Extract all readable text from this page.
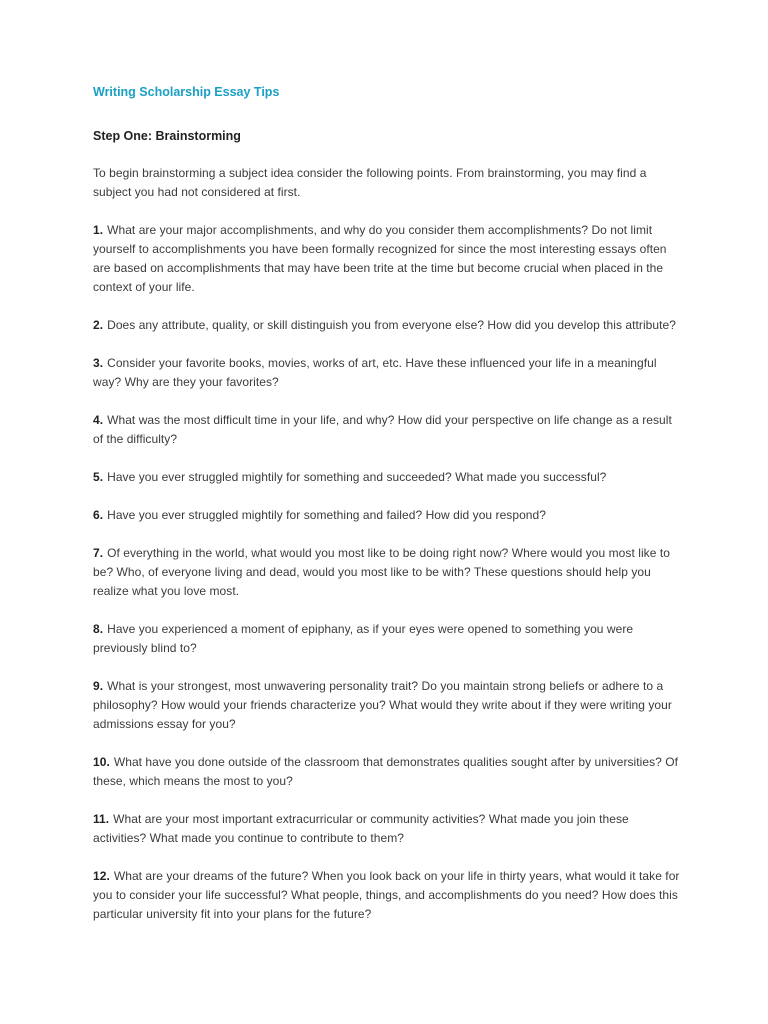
Writing Scholarship Essay Tips
Step One: Brainstorming

To begin brainstorming a subject idea consider the following points. From brainstorming, you may find a subject you had not considered at first.

1. What are your major accomplishments, and why do you consider them accomplishments? Do not limit yourself to accomplishments you have been formally recognized for since the most interesting essays often are based on accomplishments that may have been trite at the time but become crucial when placed in the context of your life.

2. Does any attribute, quality, or skill distinguish you from everyone else? How did you develop this attribute?

3. Consider your favorite books, movies, works of art, etc. Have these influenced your life in a meaningful way? Why are they your favorites?

4. What was the most difficult time in your life, and why? How did your perspective on life change as a result of the difficulty?

5. Have you ever struggled mightily for something and succeeded? What made you successful?

6. Have you ever struggled mightily for something and failed? How did you respond?

7. Of everything in the world, what would you most like to be doing right now? Where would you most like to be? Who, of everyone living and dead, would you most like to be with? These questions should help you realize what you love most.

8. Have you experienced a moment of epiphany, as if your eyes were opened to something you were previously blind to?

9. What is your strongest, most unwavering personality trait? Do you maintain strong beliefs or adhere to a philosophy? How would your friends characterize you? What would they write about if they were writing your admissions essay for you?

10. What have you done outside of the classroom that demonstrates qualities sought after by universities? Of these, which means the most to you?

11. What are your most important extracurricular or community activities? What made you join these activities? What made you continue to contribute to them?

12. What are your dreams of the future? When you look back on your life in thirty years, what would it take for you to consider your life successful? What people, things, and accomplishments do you need? How does this particular university fit into your plans for the future?
